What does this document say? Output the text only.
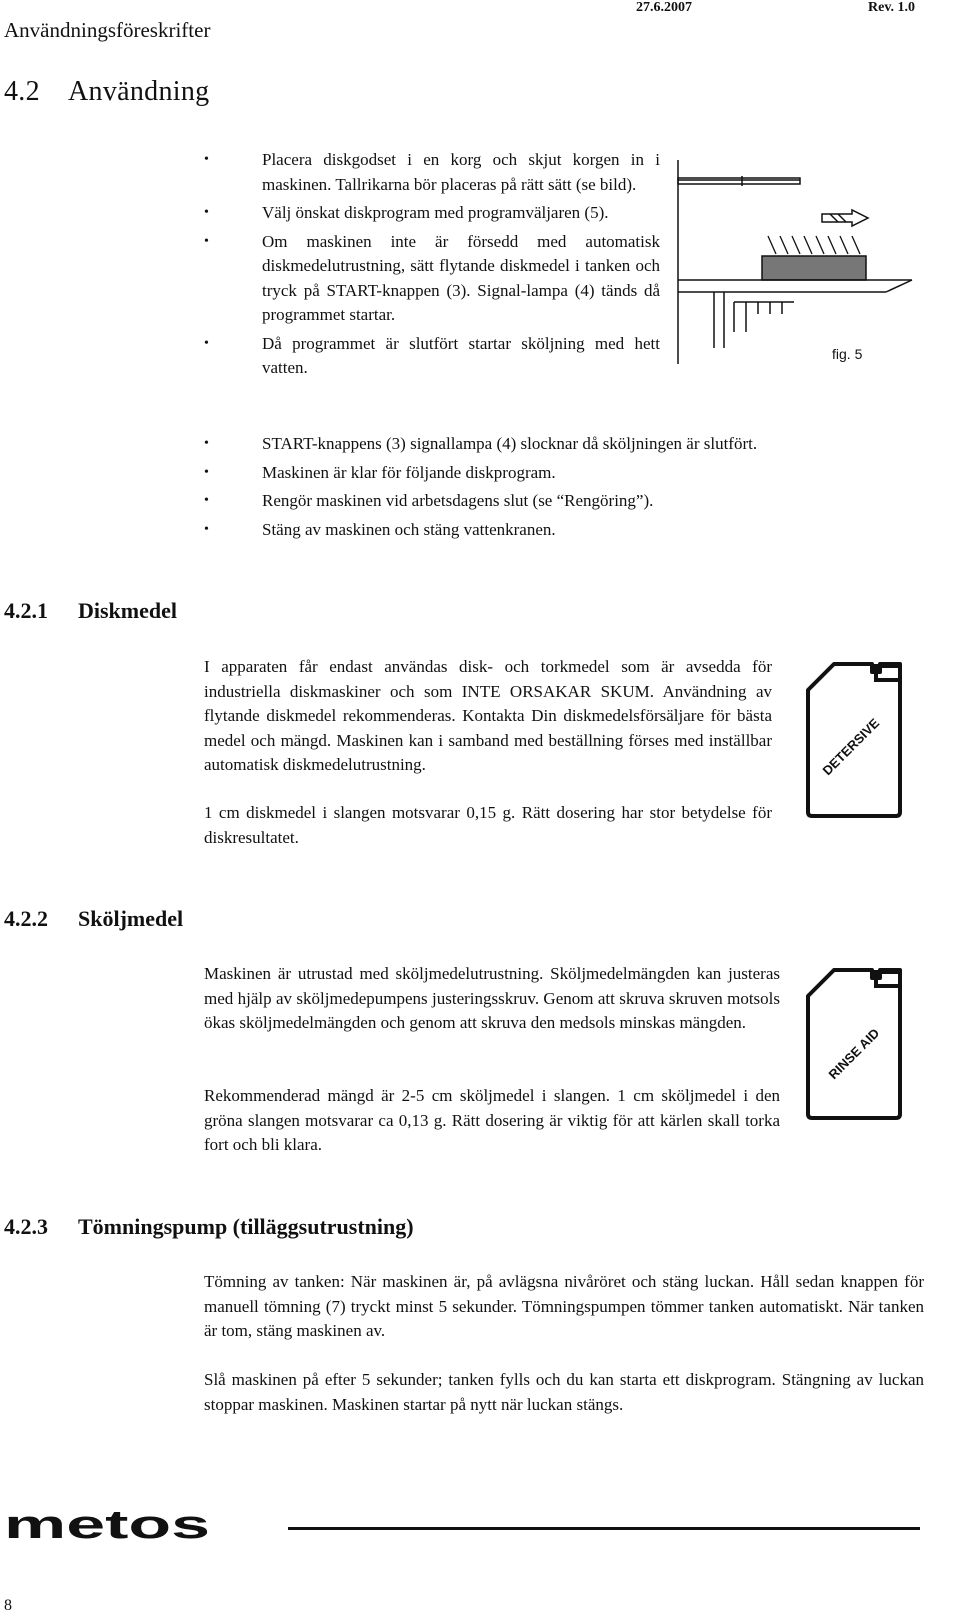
Användningsföreskrifter
27.6.2007	Rev. 1.0
4.2 Användning
• Placera diskgodset i en korg och skjut korgen in i maskinen. Tallrikarna bör placeras på rätt sätt (se bild).
• Välj önskat diskprogram med programväljaren (5).
• Om maskinen inte är försedd med automatisk diskmedelutrustning, sätt flytande diskmedel i tanken och tryck på START-knappen (3). Signal-lampa (4) tänds då programmet startar.
• Då programmet är slutfört startar sköljning med hett vatten.
• START-knappens (3) signallampa (4) slocknar då sköljningen är slutfört.
• Maskinen är klar för följande diskprogram.
• Rengör maskinen vid arbetsdagens slut (se “Rengöring”).
• Stäng av maskinen och stäng vattenkranen.
fig. 5
4.2.1 Diskmedel
I apparaten får endast användas disk- och torkmedel som är avsedda för industriella diskmaskiner och som INTE ORSAKAR SKUM. Användning av flytande diskmedel rekommenderas. Kontakta Din diskmedelsförsäljare för bästa medel och mängd. Maskinen kan i samband med beställning förses med inställbar automatisk diskmedelutrustning.
1 cm diskmedel i slangen motsvarar 0,15 g. Rätt dosering har stor betydelse för diskresultatet.
DETERSIVE
4.2.2 Sköljmedel
Maskinen är utrustad med sköljmedelutrustning. Sköljmedelmängden kan justeras med hjälp av sköljmedepumpens justeringsskruv. Genom att skruva skruven motsols ökas sköljmedelmängden och genom att skruva den medsols minskas mängden.
Rekommenderad mängd är 2-5 cm sköljmedel i slangen. 1 cm sköljmedel i den gröna slangen motsvarar ca 0,13 g. Rätt dosering är viktig för att kärlen skall torka fort och bli klara.
RINSE AID
4.2.3 Tömningspump (tilläggsutrustning)
Tömning av tanken: När maskinen är, på avlägsna nivåröret och stäng luckan. Håll sedan knappen för manuell tömning (7) tryckt minst 5 sekunder. Tömningspumpen tömmer tanken automatiskt. När tanken är tom, stäng maskinen av.
Slå maskinen på efter 5 sekunder; tanken fylls och du kan starta ett diskprogram. Stängning av luckan stoppar maskinen. Maskinen startar på nytt när luckan stängs.
metos
8
